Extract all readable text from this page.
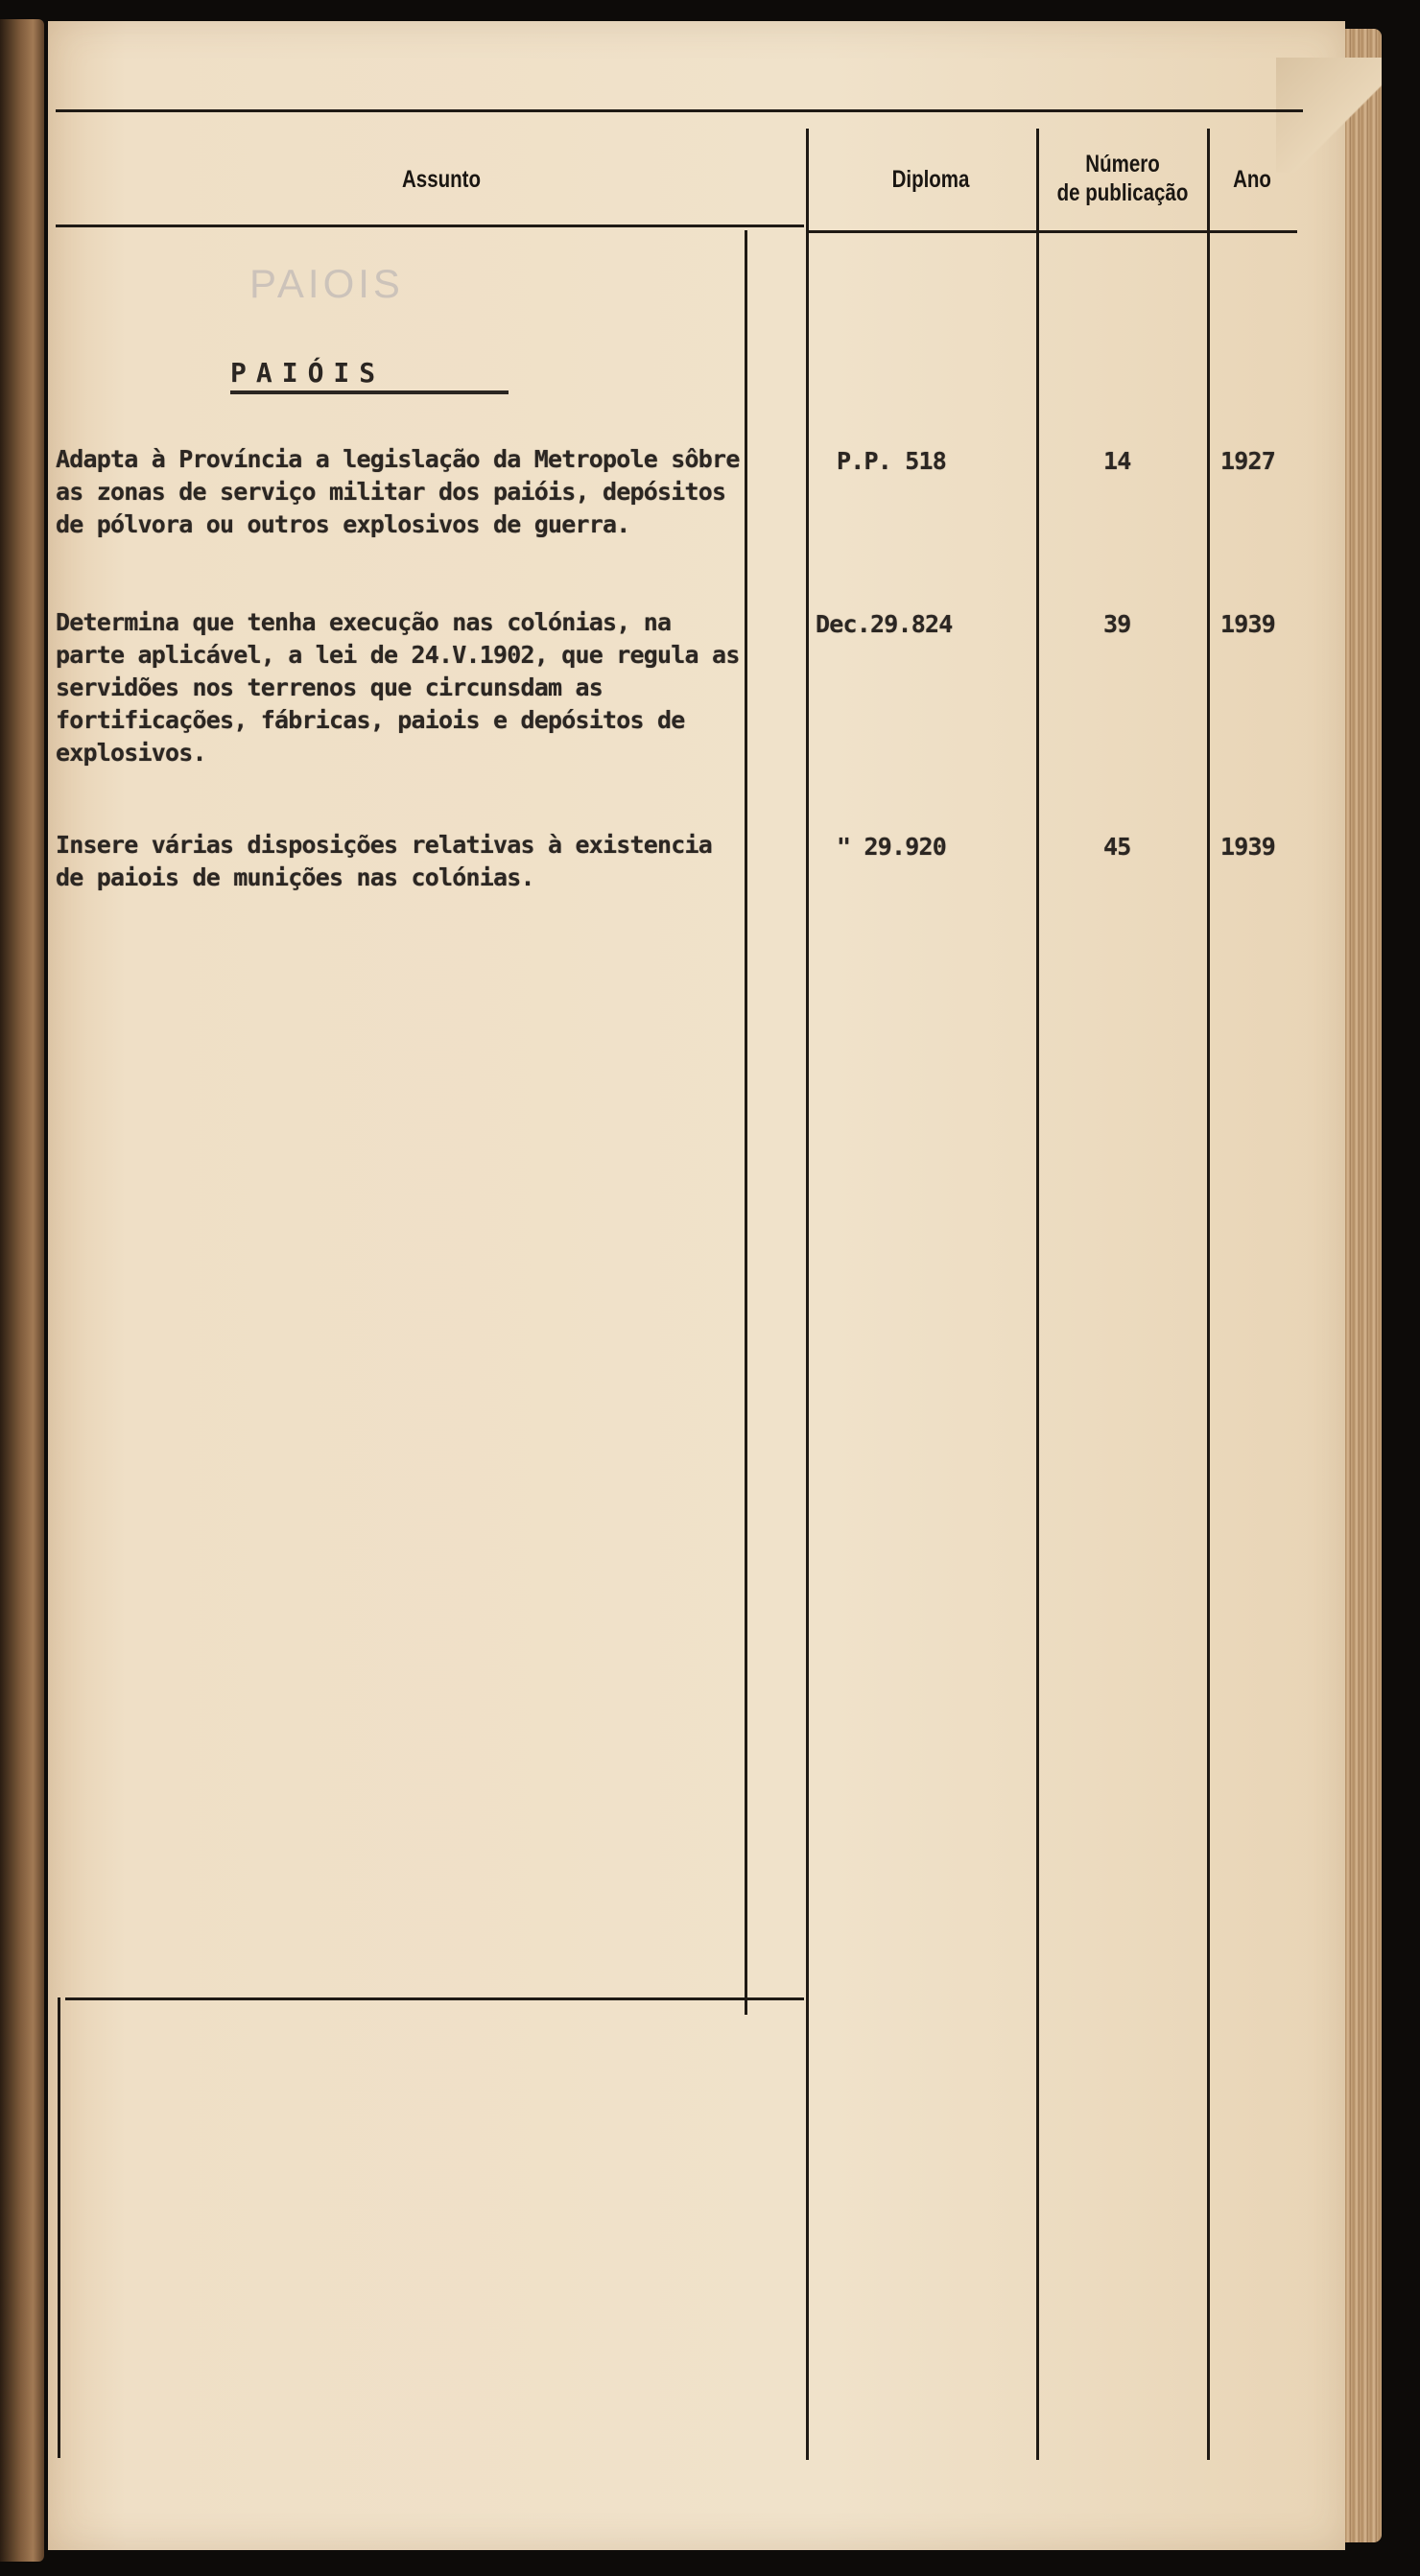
Assunto	Diploma
Número
de publicação	Ano
PAIOIS
PAIÓIS
Adapta à Província a legislação da Metropole sôbre as zonas de serviço militar dos paióis, depósitos de pólvora ou outros explosivos de guerra.
P.P. 518	14	1927
Determina que tenha execução nas colónias, na parte aplicável, a lei de 24.V.1902, que regula as servidões nos terrenos que circunsdam as fortificações, fábricas, paiois e depósitos de explosivos.
Dec.29.824	39	1939
Insere várias disposições relativas à existencia de paiois de munições nas colónias.
" 29.920	45	1939
